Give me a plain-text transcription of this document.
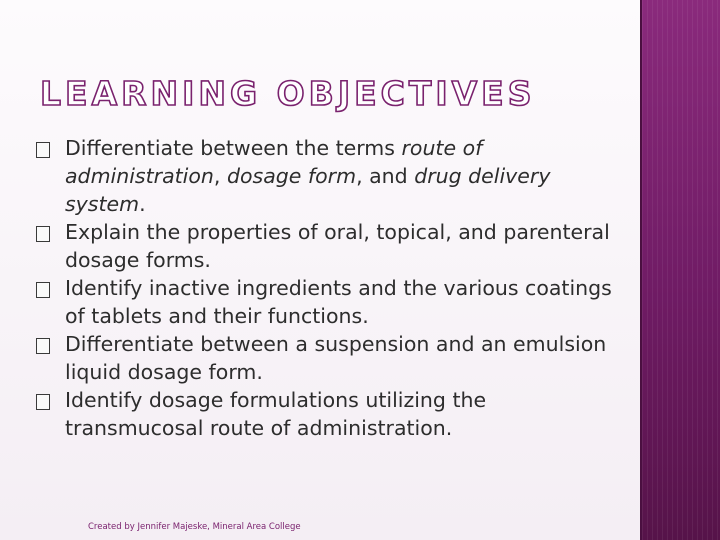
LEARNING OBJECTIVES
Differentiate between the terms route of administration, dosage form, and drug delivery system.
Explain the properties of oral, topical, and parenteral dosage forms.
Identify inactive ingredients and the various coatings of tablets and their functions.
Differentiate between a suspension and an emulsion liquid dosage form.
Identify dosage formulations utilizing the transmucosal route of administration.
Created by Jennifer Majeske, Mineral Area College
